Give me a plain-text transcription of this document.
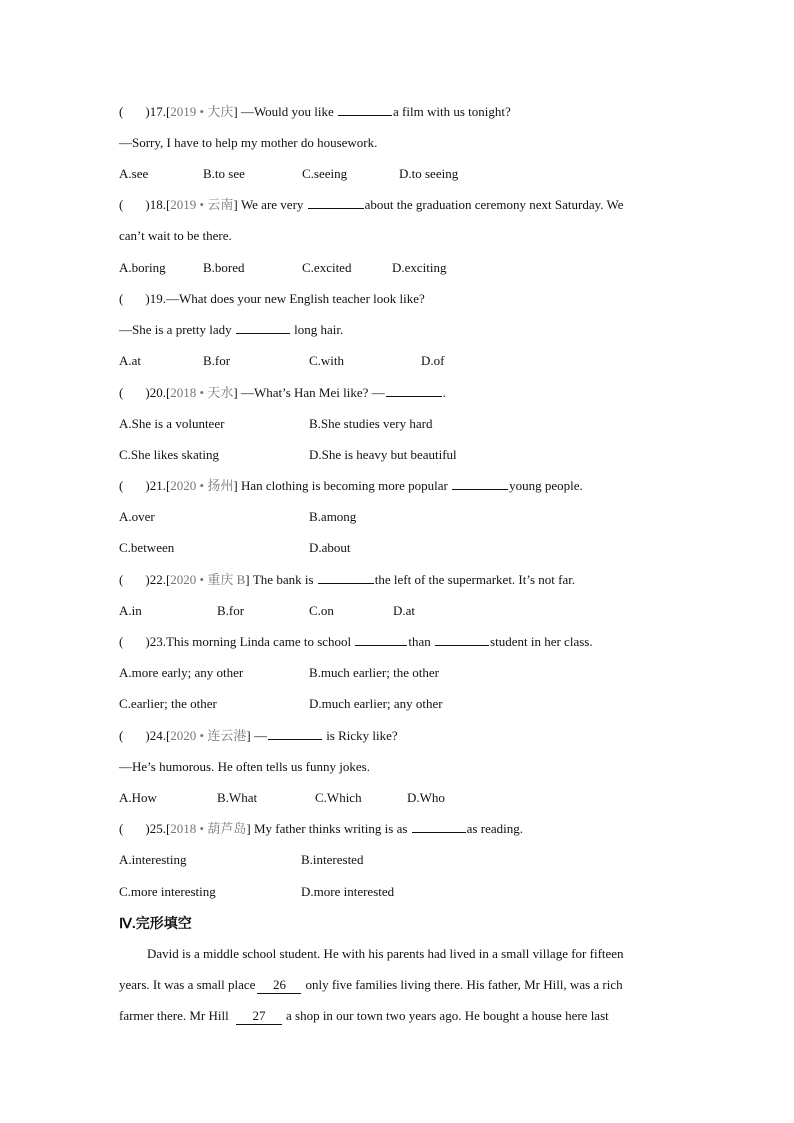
( )17.[2019 • 大庆] —Would you like	a film with us tonight?
—Sorry, I have to help my mother do housework.
A.see	B.to see	C.seeing	D.to seeing
( )18.[2019 • 云南] We are very	about the graduation ceremony next Saturday. We
can’t wait to be there.
A.boring	B.bored	C.excited	D.exciting
( )19.—What does your new English teacher look like?
—She is a pretty lady	long hair.
A.at	B.for	C.with	D.of
( )20.[2018 • 天水] —What’s Han Mei like? —	.
A.She is a volunteer	B.She studies very hard
C.She likes skating	D.She is heavy but beautiful
( )21.[2020 • 扬州] Han clothing is becoming more popular	young people.
A.over	B.among
C.between	D.about
( )22.[2020 • 重庆 B] The bank is	the left of the supermarket. It’s not far.
A.in	B.for	C.on	D.at
( )23.This morning Linda came to school	than	student in her class.
A.more early; any other	B.much earlier; the other
C.earlier; the other	D.much earlier; any other
( )24.[2020 • 连云港] —	is Ricky like?
—He’s humorous. He often tells us funny jokes.
A.How	B.What	C.Which	D.Who
( )25.[2018 • 葫芦岛] My father thinks writing is as	as reading.
A.interesting	B.interested
C.more interesting	D.more interested
Ⅳ.完形填空
David is a middle school student. He with his parents had lived in a small village for fifteen
years. It was a small place 26 only five families living there. His father, Mr Hill, was a rich
farmer there. Mr Hill 27 a shop in our town two years ago. He bought a house here last
